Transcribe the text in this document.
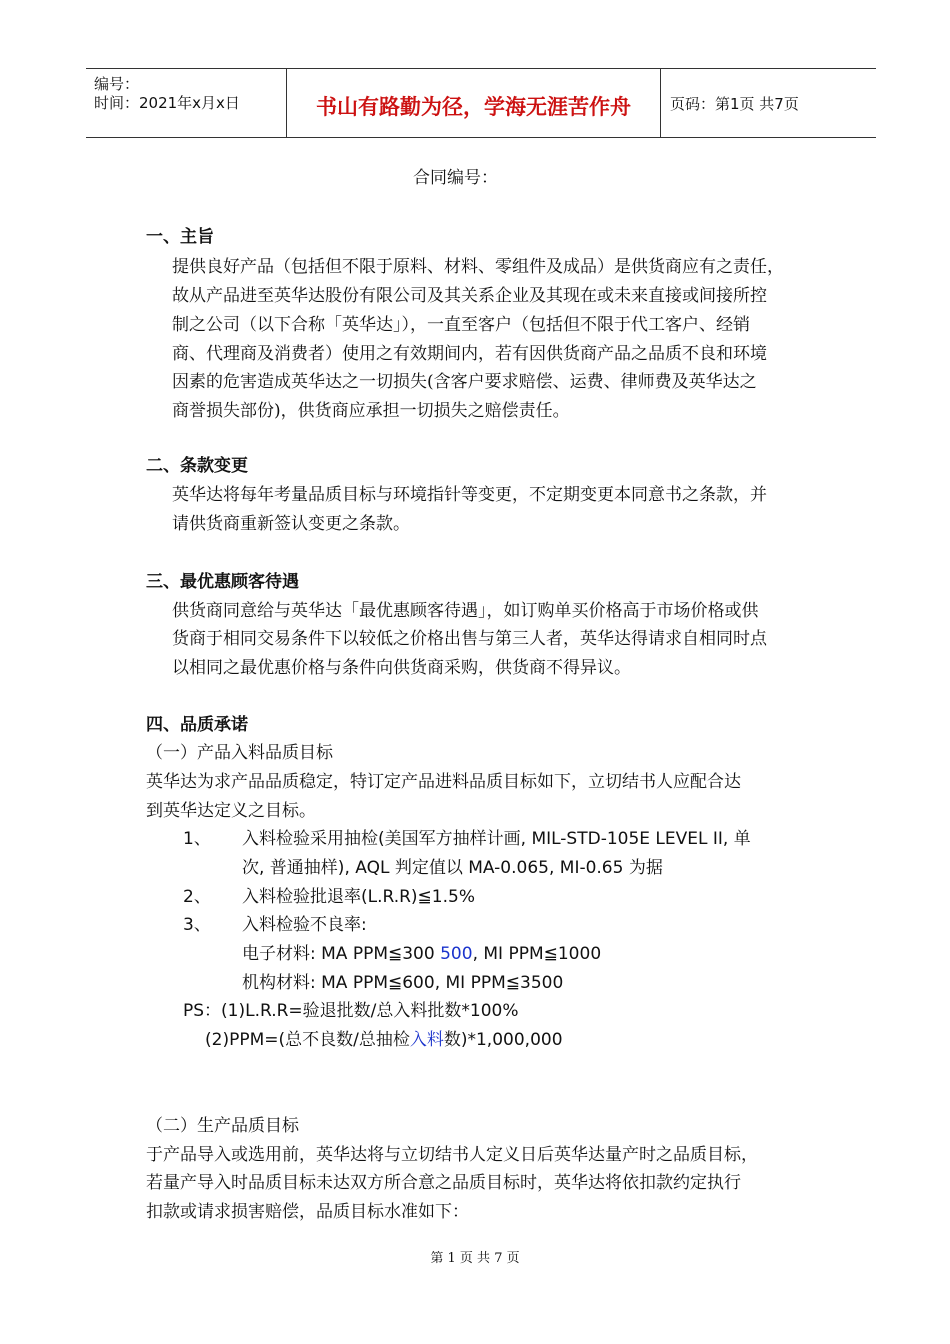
编号：
时间：2021年x月x日	书山有路勤为径，学海无涯苦作舟	页码：第1页 共7页
合同编号：
一、主旨
提供良好产品（包括但不限于原料、材料、零组件及成品）是供货商应有之责任，
故从产品进至英华达股份有限公司及其关系企业及其现在或未来直接或间接所控
制之公司（以下合称「英华达」），一直至客户（包括但不限于代工客户、经销
商、代理商及消费者）使用之有效期间内，若有因供货商产品之品质不良和环境
因素的危害造成英华达之一切损失(含客户要求赔偿、运费、律师费及英华达之
商誉损失部份)，供货商应承担一切损失之赔偿责任。
二、条款变更
英华达将每年考量品质目标与环境指针等变更，不定期变更本同意书之条款，并
请供货商重新签认变更之条款。
三、最优惠顾客待遇
供货商同意给与英华达「最优惠顾客待遇」，如订购单买价格高于市场价格或供
货商于相同交易条件下以较低之价格出售与第三人者，英华达得请求自相同时点
以相同之最优惠价格与条件向供货商采购，供货商不得异议。
四、品质承诺
（一）产品入料品质目标
英华达为求产品品质稳定，特订定产品进料品质目标如下，立切结书人应配合达
到英华达定义之目标。
1、 入料检验采用抽检(美国军方抽样计画, MIL-STD-105E LEVEL II, 单
次, 普通抽样), AQL 判定值以 MA-0.065, MI-0.65 为据
2、 入料检验批退率(L.R.R)≦1.5%
3、 入料检验不良率:
电子材料: MA PPM≦300 500, MI PPM≦1000
机构材料: MA PPM≦600, MI PPM≦3500
PS：(1)L.R.R=验退批数/总入料批数*100%
(2)PPM=(总不良数/总抽检入料数)*1,000,000
（二）生产品质目标
于产品导入或选用前，英华达将与立切结书人定义日后英华达量产时之品质目标，
若量产导入时品质目标未达双方所合意之品质目标时，英华达将依扣款约定执行
扣款或请求损害赔偿，品质目标水准如下：
第 1 页 共 7 页
